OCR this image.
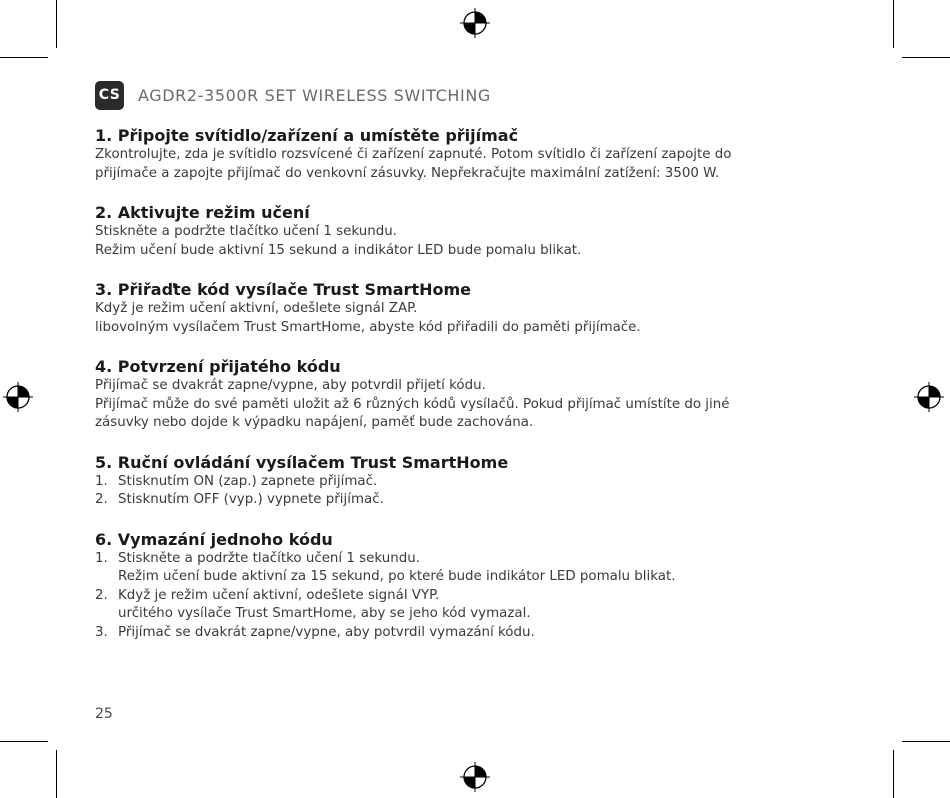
CS AGDR2-3500R SET WIRELESS SWITCHING
1. Připojte svítidlo/zařízení a umístěte přijímač

Zkontrolujte, zda je svítidlo rozsvícené či zařízení zapnuté. Potom svítidlo či zařízení zapojte do

přijímače a zapojte přijímač do venkovní zásuvky. Nepřekračujte maximální zatížení: 3500 W.

2. Aktivujte režim učení

Stiskněte a podržte tlačítko učení 1 sekundu.

Režim učení bude aktivní 15 sekund a indikátor LED bude pomalu blikat.

3. Přiřaďte kód vysílače Trust SmartHome

Když je režim učení aktivní, odešlete signál ZAP.

libovolným vysílačem Trust SmartHome, abyste kód přiřadili do paměti přijímače.

4. Potvrzení přijatého kódu

Přijímač se dvakrát zapne/vypne, aby potvrdil přijetí kódu.

Přijímač může do své paměti uložit až 6 různých kódů vysílačů. Pokud přijímač umístíte do jiné

zásuvky nebo dojde k výpadku napájení, paměť bude zachována.

5. Ruční ovládání vysílačem Trust SmartHome
1. Stisknutím ON (zap.) zapnete přijímač.
2. Stisknutím OFF (vyp.) vypnete přijímač.
6. Vymazání jednoho kódu
1. Stiskněte a podržte tlačítko učení 1 sekundu.
Režim učení bude aktivní za 15 sekund, po které bude indikátor LED pomalu blikat.
2. Když je režim učení aktivní, odešlete signál VYP.
určitého vysílače Trust SmartHome, aby se jeho kód vymazal.
3. Přijímač se dvakrát zapne/vypne, aby potvrdil vymazání kódu.
25
